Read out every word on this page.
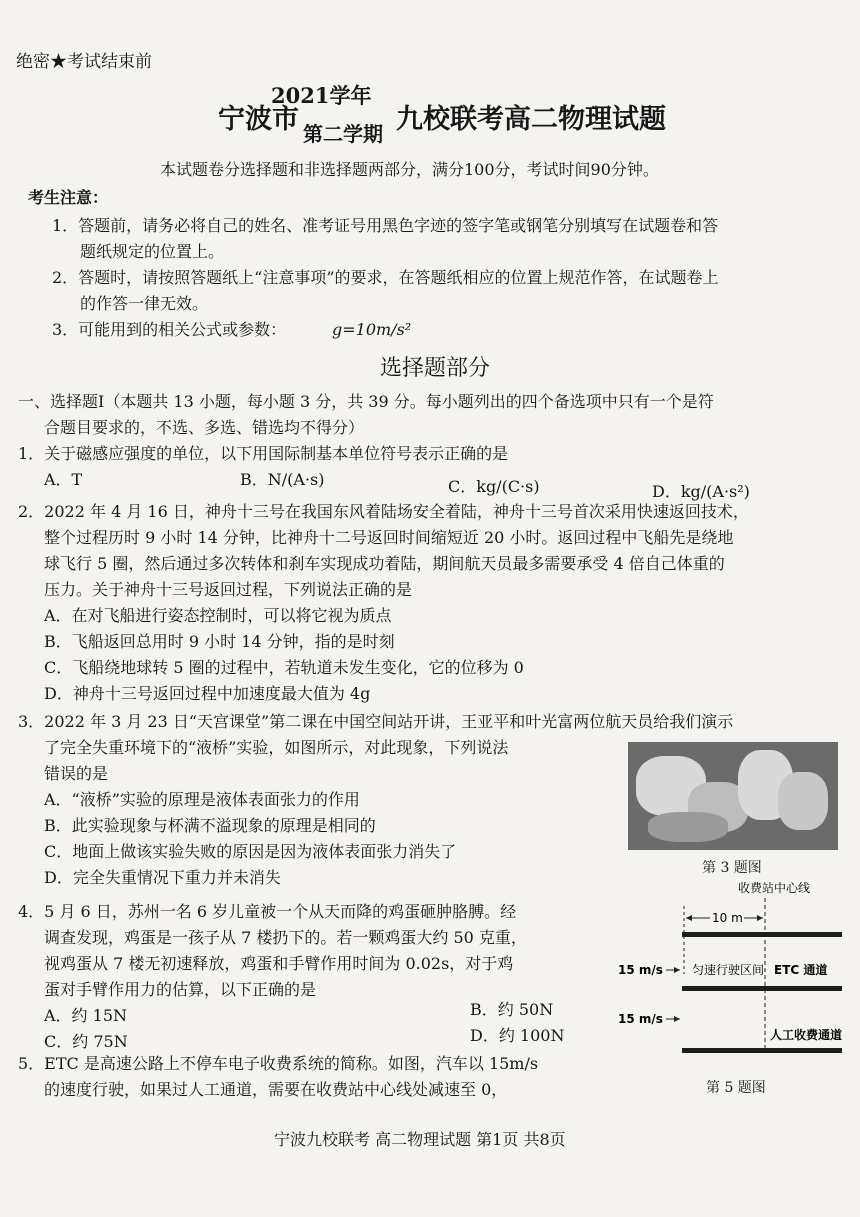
绝密★考试结束前
2021学年
宁波市 第二学期 九校联考高二物理试题
本试题卷分选择题和非选择题两部分，满分100分，考试时间90分钟。
考生注意：
1．答题前，请务必将自己的姓名、准考证号用黑色字迹的签字笔或钢笔分别填写在试题卷和答
题纸规定的位置上。
2．答题时，请按照答题纸上“注意事项”的要求，在答题纸相应的位置上规范作答，在试题卷上
的作答一律无效。
3．可能用到的相关公式或参数：	g=10m/s²
选择题部分
一、选择题Ⅰ（本题共 13 小题，每小题 3 分，共 39 分。每小题列出的四个备选项中只有一个是符
合题目要求的，不选、多选、错选均不得分）
1．关于磁感应强度的单位，以下用国际制基本单位符号表示正确的是
A．T	B．N/(A·s)	C．kg/(C·s)	D．kg/(A·s²)
2．2022 年 4 月 16 日，神舟十三号在我国东风着陆场安全着陆，神舟十三号首次采用快速返回技术，
整个过程历时 9 小时 14 分钟，比神舟十二号返回时间缩短近 20 小时。返回过程中飞船先是绕地
球飞行 5 圈，然后通过多次转体和刹车实现成功着陆，期间航天员最多需要承受 4 倍自己体重的
压力。关于神舟十三号返回过程，下列说法正确的是
A．在对飞船进行姿态控制时，可以将它视为质点
B．飞船返回总用时 9 小时 14 分钟，指的是时刻
C．飞船绕地球转 5 圈的过程中，若轨道未发生变化，它的位移为 0
D．神舟十三号返回过程中加速度最大值为 4g
3．2022 年 3 月 23 日“天宫课堂”第二课在中国空间站开讲，王亚平和叶光富两位航天员给我们演示
了完全失重环境下的“液桥”实验，如图所示，对此现象，下列说法
错误的是
A．“液桥”实验的原理是液体表面张力的作用
B．此实验现象与杯满不溢现象的原理是相同的
C．地面上做该实验失败的原因是因为液体表面张力消失了
D．完全失重情况下重力并未消失	第 3 题图
4．5 月 6 日，苏州一名 6 岁儿童被一个从天而降的鸡蛋砸肿胳膊。经
调查发现，鸡蛋是一孩子从 7 楼扔下的。若一颗鸡蛋大约 50 克重，
视鸡蛋从 7 楼无初速释放，鸡蛋和手臂作用时间为 0.02s，对于鸡
蛋对手臂作用力的估算，以下正确的是
A．约 15N	B．约 50N
C．约 75N	D．约 100N
5．ETC 是高速公路上不停车电子收费系统的简称。如图，汽车以 15m/s
的速度行驶，如果过人工通道，需要在收费站中心线处减速至 0，
收费站中心线
10 m
15 m/s 匀速行驶区间 ETC 通道
15 m/s
人工收费通道
第 5 题图
宁波九校联考 高二物理试题 第1页 共8页
